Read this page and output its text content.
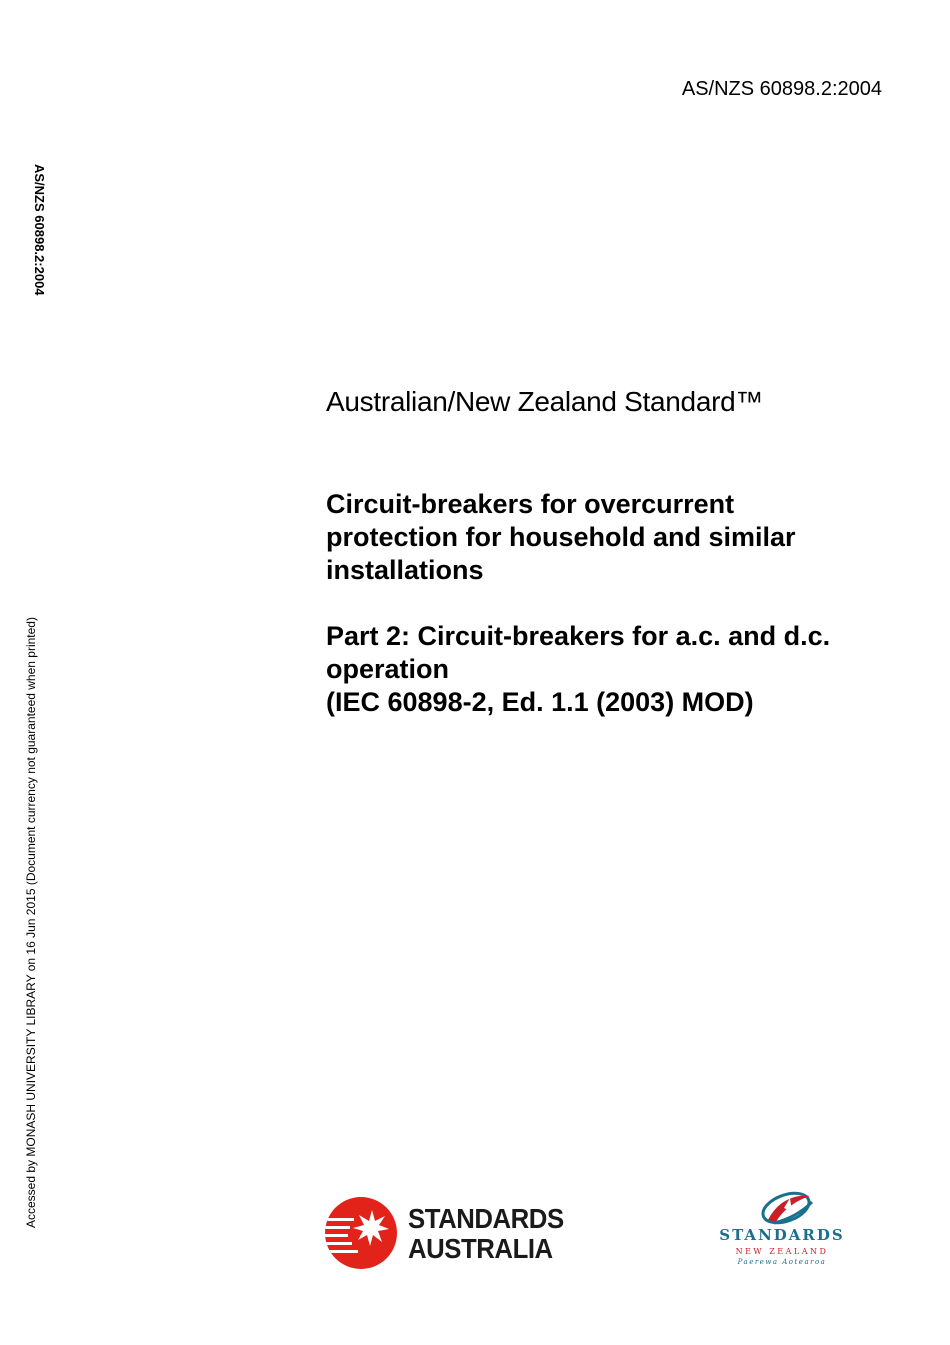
AS/NZS 60898.2:2004
AS/NZS 60898.2:2004
Accessed by MONASH UNIVERSITY LIBRARY on 16 Jun 2015 (Document currency not guaranteed when printed)
Australian/New Zealand Standard™
Circuit-breakers for overcurrent
protection for household and similar
installations
Part 2: Circuit-breakers for a.c. and d.c.
operation
(IEC 60898-2, Ed. 1.1 (2003) MOD)
STANDARDS
AUSTRALIA	STANDARDS
NEW ZEALAND
Paerewa Aotearoa
